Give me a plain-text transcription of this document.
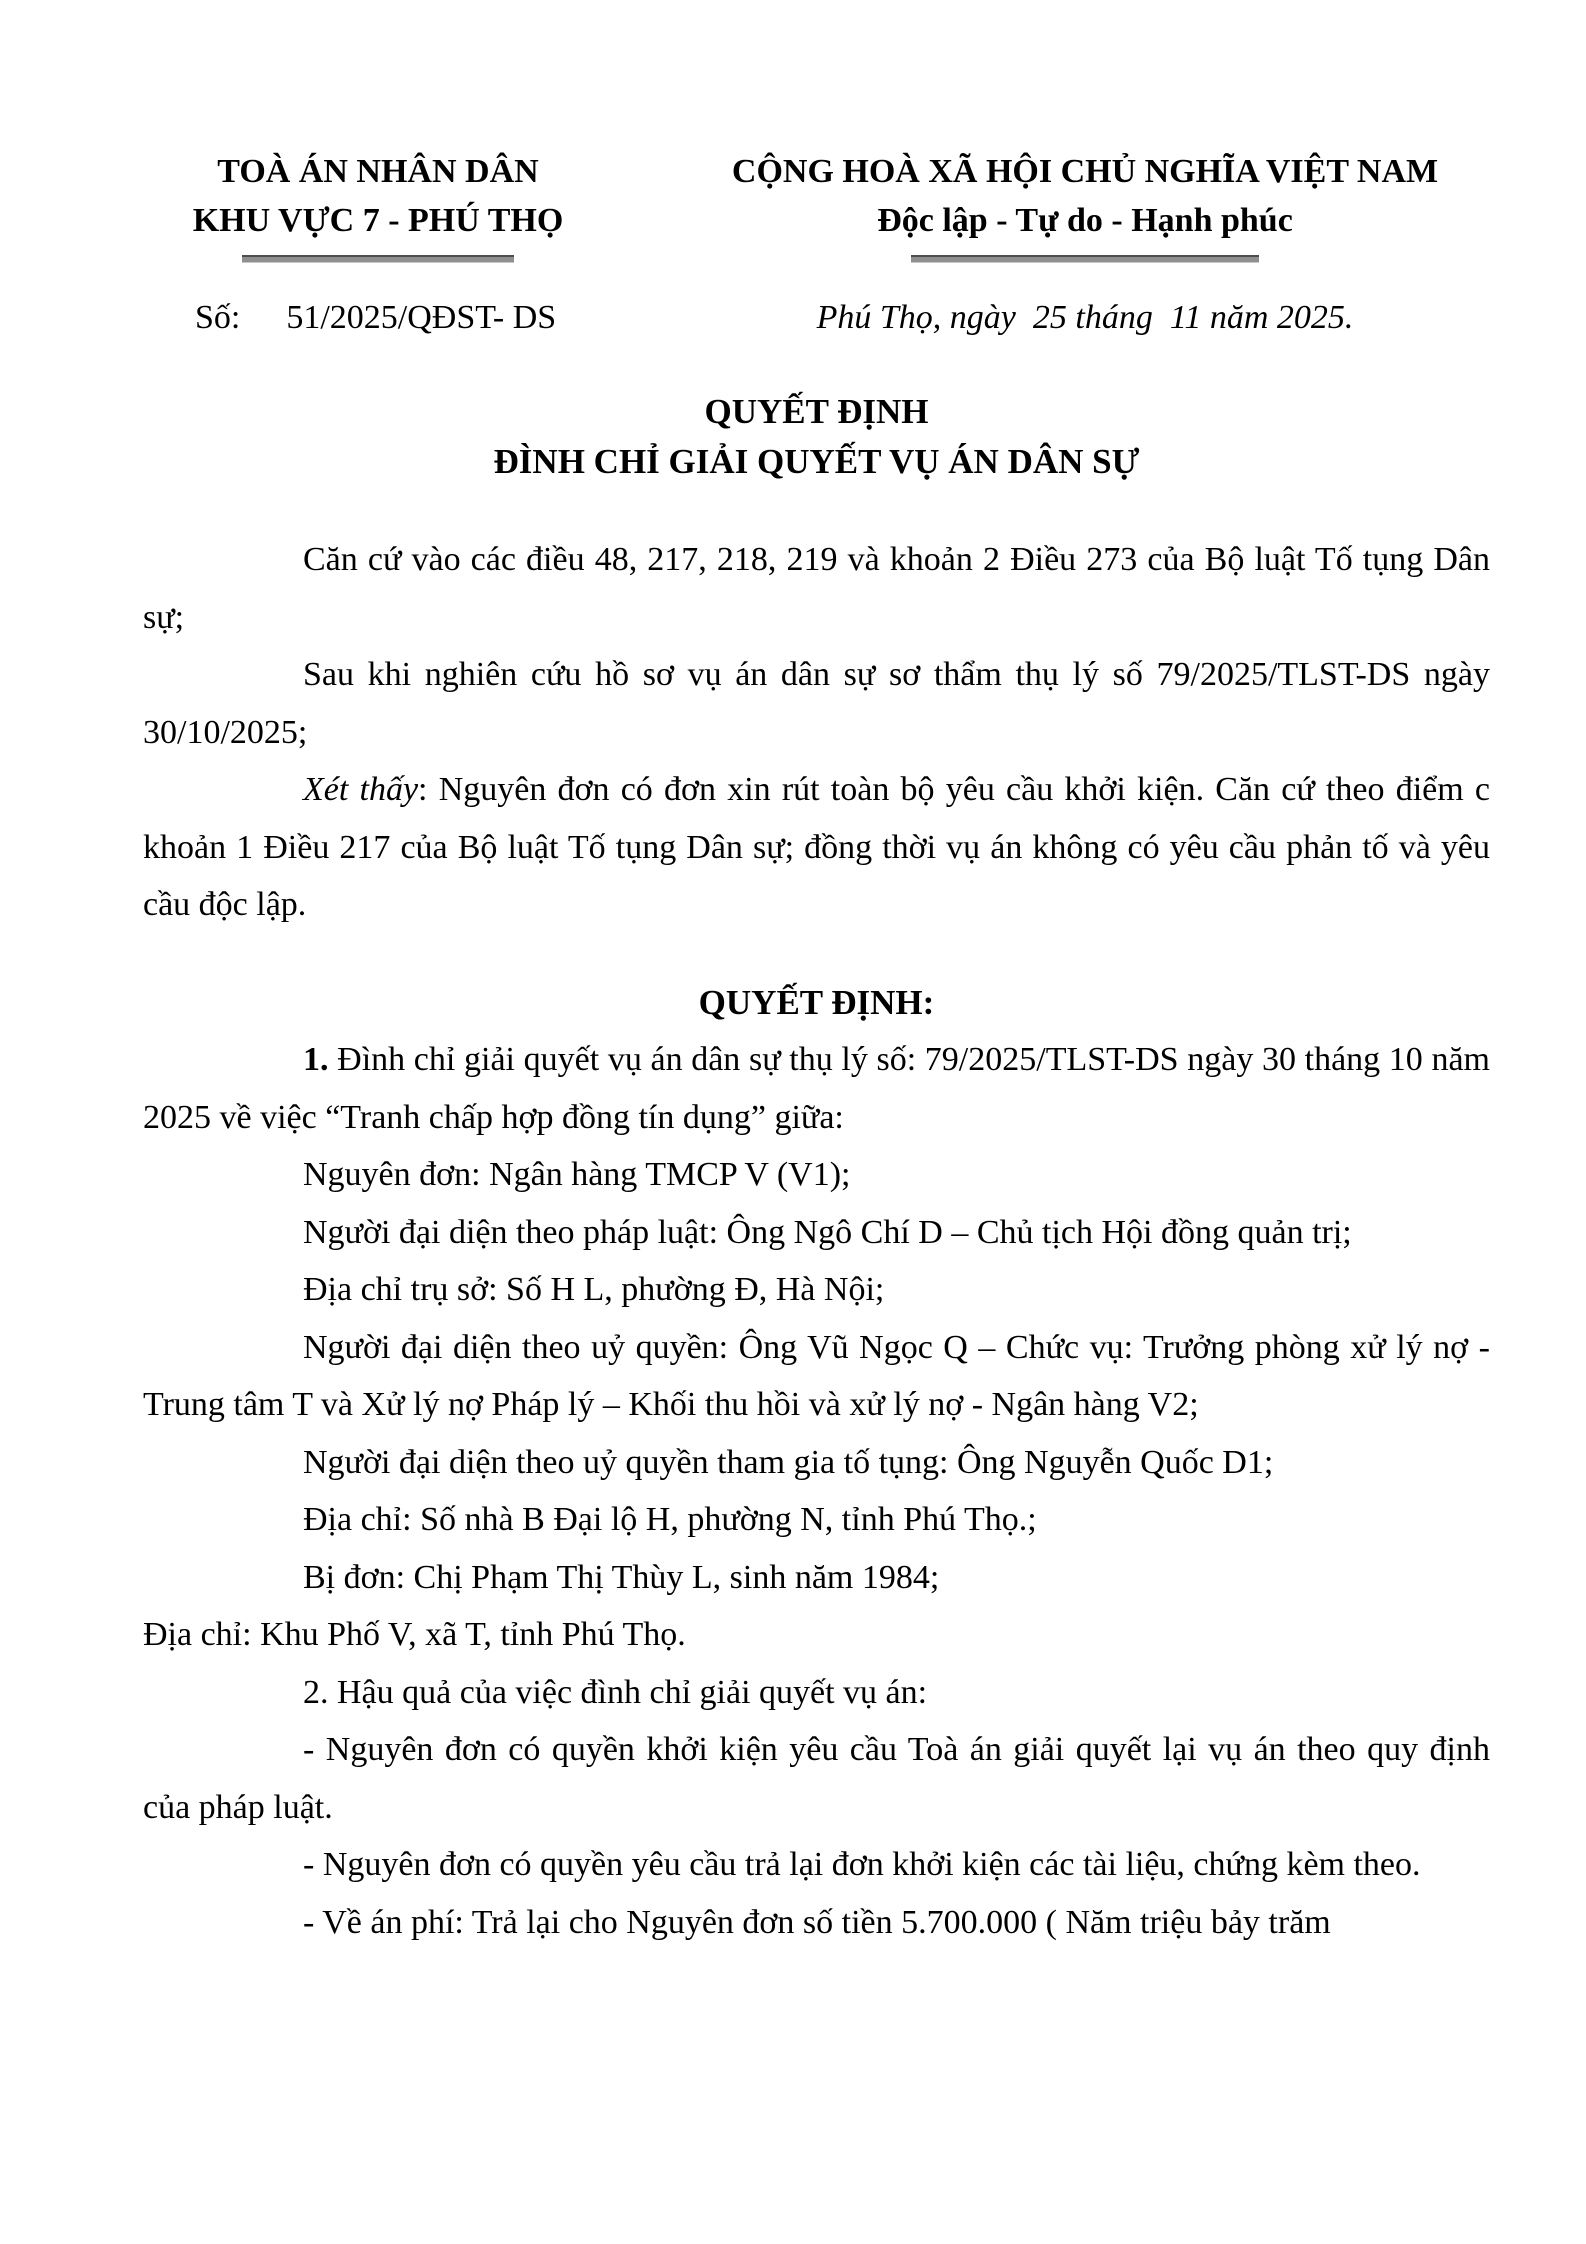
TOÀ ÁN NHÂN DÂN
KHU VỰC 7 - PHÚ THỌ
CỘNG HOÀ XÃ HỘI CHỦ NGHĨA VIỆT NAM
Độc lập - Tự do - Hạnh phúc
Số: 51/2025/QĐST- DS	Phú Thọ, ngày  25 tháng  11 năm 2025.
QUYẾT ĐỊNH
ĐÌNH CHỈ GIẢI QUYẾT VỤ ÁN DÂN SỰ

Căn cứ vào các điều 48, 217, 218, 219 và khoản 2 Điều 273 của Bộ luật Tố tụng Dân sự;

Sau khi nghiên cứu hồ sơ vụ án dân sự sơ thẩm thụ lý số 79/2025/TLST-DS ngày 30/10/2025;

Xét thấy: Nguyên đơn có đơn xin rút toàn bộ yêu cầu khởi kiện. Căn cứ theo điểm c khoản 1 Điều 217 của Bộ luật Tố tụng Dân sự; đồng thời vụ án không có yêu cầu phản tố và yêu cầu độc lập.

QUYẾT ĐỊNH:

1. Đình chỉ giải quyết vụ án dân sự thụ lý số: 79/2025/TLST-DS ngày 30 tháng 10 năm 2025 về việc “Tranh chấp hợp đồng tín dụng” giữa:

Nguyên đơn: Ngân hàng TMCP V (V1);

Người đại diện theo pháp luật: Ông Ngô Chí D – Chủ tịch Hội đồng quản trị;

Địa chỉ trụ sở: Số H L, phường Đ, Hà Nội;

Người đại diện theo uỷ quyền: Ông Vũ Ngọc Q – Chức vụ: Trưởng phòng xử lý nợ - Trung tâm T và Xử lý nợ Pháp lý – Khối thu hồi và xử lý nợ - Ngân hàng V2;

Người đại diện theo uỷ quyền tham gia tố tụng: Ông Nguyễn Quốc D1;

Địa chỉ: Số nhà B Đại lộ H, phường N, tỉnh Phú Thọ.;

Bị đơn: Chị Phạm Thị Thùy L, sinh năm 1984;

Địa chỉ: Khu Phố V, xã T, tỉnh Phú Thọ.

2. Hậu quả của việc đình chỉ giải quyết vụ án:

- Nguyên đơn có quyền khởi kiện yêu cầu Toà án giải quyết lại vụ án theo quy định của pháp luật.

- Nguyên đơn có quyền yêu cầu trả lại đơn khởi kiện các tài liệu, chứng kèm theo.

- Về án phí: Trả lại cho Nguyên đơn số tiền 5.700.000 ( Năm triệu bảy trăm
